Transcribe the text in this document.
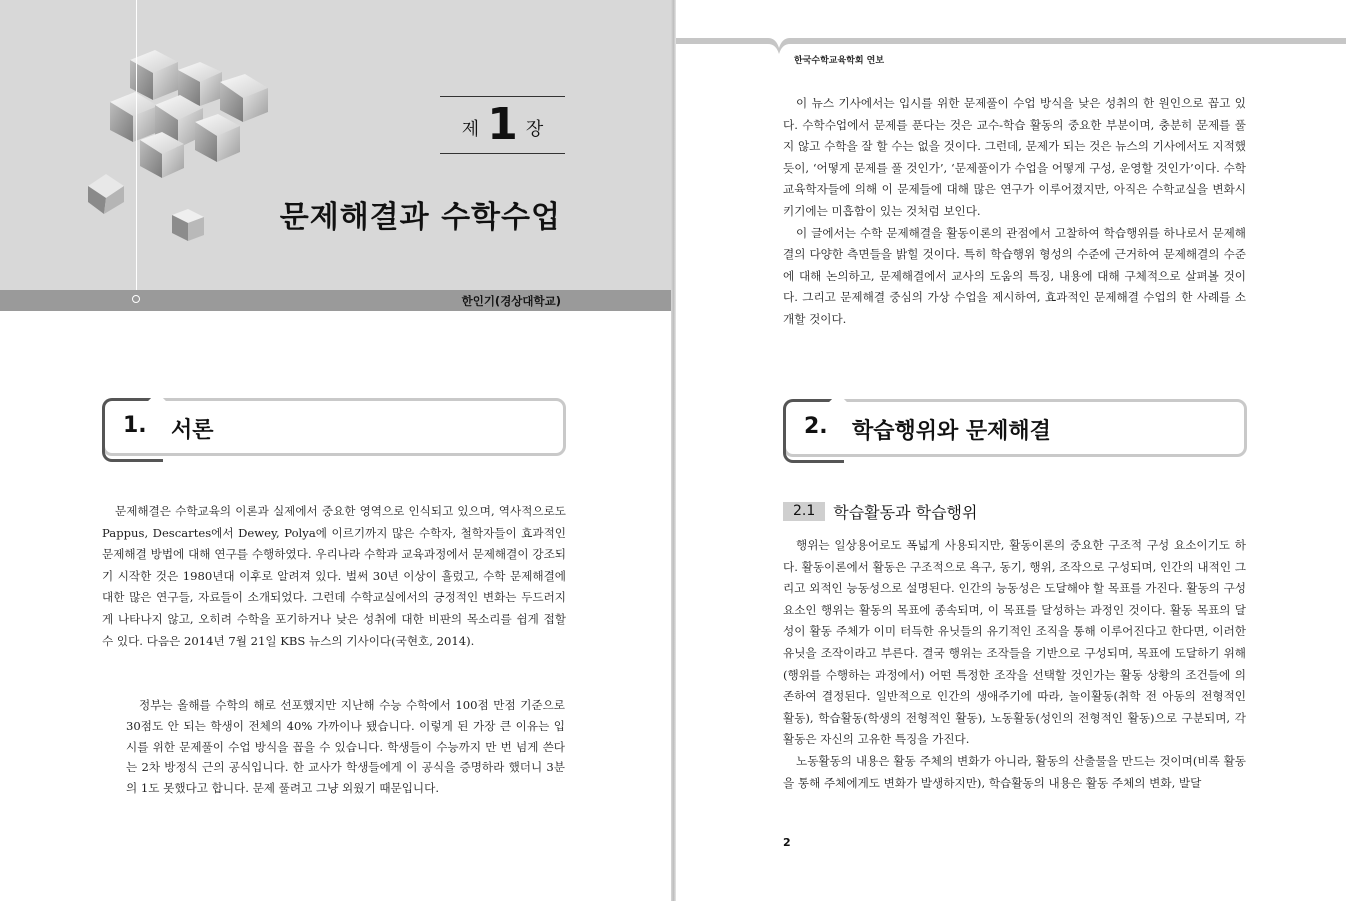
제 1 장
문제해결과 수학수업
한인기(경상대학교)
1. 서론

문제해결은 수학교육의 이론과 실제에서 중요한 영역으로 인식되고 있으며, 역사적으로도 Pappus, Descartes에서 Dewey, Polya에 이르기까지 많은 수학자, 철학자들이 효과적인 문제해결 방법에 대해 연구를 수행하였다. 우리나라 수학과 교육과정에서 문제해결이 강조되기 시작한 것은 1980년대 이후로 알려져 있다. 벌써 30년 이상이 흘렀고, 수학 문제해결에 대한 많은 연구들, 자료들이 소개되었다. 그런데 수학교실에서의 긍정적인 변화는 두드러지게 나타나지 않고, 오히려 수학을 포기하거나 낮은 성취에 대한 비판의 목소리를 쉽게 접할 수 있다. 다음은 2014년 7월 21일 KBS 뉴스의 기사이다(국현호, 2014).

정부는 올해를 수학의 해로 선포했지만 지난해 수능 수학에서 100점 만점 기준으로 30점도 안 되는 학생이 전체의 40% 가까이나 됐습니다. 이렇게 된 가장 큰 이유는 입시를 위한 문제풀이 수업 방식을 꼽을 수 있습니다. 학생들이 수능까지 만 번 넘게 쓴다는 2차 방정식 근의 공식입니다. 한 교사가 학생들에게 이 공식을 증명하라 했더니 3분의 1도 못했다고 합니다. 문제 풀려고 그냥 외웠기 때문입니다.

한국수학교육학회 연보

이 뉴스 기사에서는 입시를 위한 문제풀이 수업 방식을 낮은 성취의 한 원인으로 꼽고 있다. 수학수업에서 문제를 푼다는 것은 교수-학습 활동의 중요한 부분이며, 충분히 문제를 풀지 않고 수학을 잘 할 수는 없을 것이다. 그런데, 문제가 되는 것은 뉴스의 기사에서도 지적했듯이, ‘어떻게 문제를 풀 것인가’, ‘문제풀이가 수업을 어떻게 구성, 운영할 것인가’이다. 수학교육학자들에 의해 이 문제들에 대해 많은 연구가 이루어졌지만, 아직은 수학교실을 변화시키기에는 미흡함이 있는 것처럼 보인다.

이 글에서는 수학 문제해결을 활동이론의 관점에서 고찰하여 학습행위를 하나로서 문제해결의 다양한 측면들을 밝힐 것이다. 특히 학습행위 형성의 수준에 근거하여 문제해결의 수준에 대해 논의하고, 문제해결에서 교사의 도움의 특징, 내용에 대해 구체적으로 살펴볼 것이다. 그리고 문제해결 중심의 가상 수업을 제시하여, 효과적인 문제해결 수업의 한 사례를 소개할 것이다.

2. 학습행위와 문제해결
2.1 학습활동과 학습행위

행위는 일상용어로도 폭넓게 사용되지만, 활동이론의 중요한 구조적 구성 요소이기도 하다. 활동이론에서 활동은 구조적으로 욕구, 동기, 행위, 조작으로 구성되며, 인간의 내적인 그리고 외적인 능동성으로 설명된다. 인간의 능동성은 도달해야 할 목표를 가진다. 활동의 구성요소인 행위는 활동의 목표에 종속되며, 이 목표를 달성하는 과정인 것이다. 활동 목표의 달성이 활동 주체가 이미 터득한 유닛들의 유기적인 조직을 통해 이루어진다고 한다면, 이러한 유닛을 조작이라고 부른다. 결국 행위는 조작들을 기반으로 구성되며, 목표에 도달하기 위해(행위를 수행하는 과정에서) 어떤 특정한 조작을 선택할 것인가는 활동 상황의 조건들에 의존하여 결정된다. 일반적으로 인간의 생애주기에 따라, 놀이활동(취학 전 아동의 전형적인 활동), 학습활동(학생의 전형적인 활동), 노동활동(성인의 전형적인 활동)으로 구분되며, 각 활동은 자신의 고유한 특징을 가진다.

노동활동의 내용은 활동 주체의 변화가 아니라, 활동의 산출물을 만드는 것이며(비록 활동을 통해 주체에게도 변화가 발생하지만), 학습활동의 내용은 활동 주체의 변화, 발달

2
